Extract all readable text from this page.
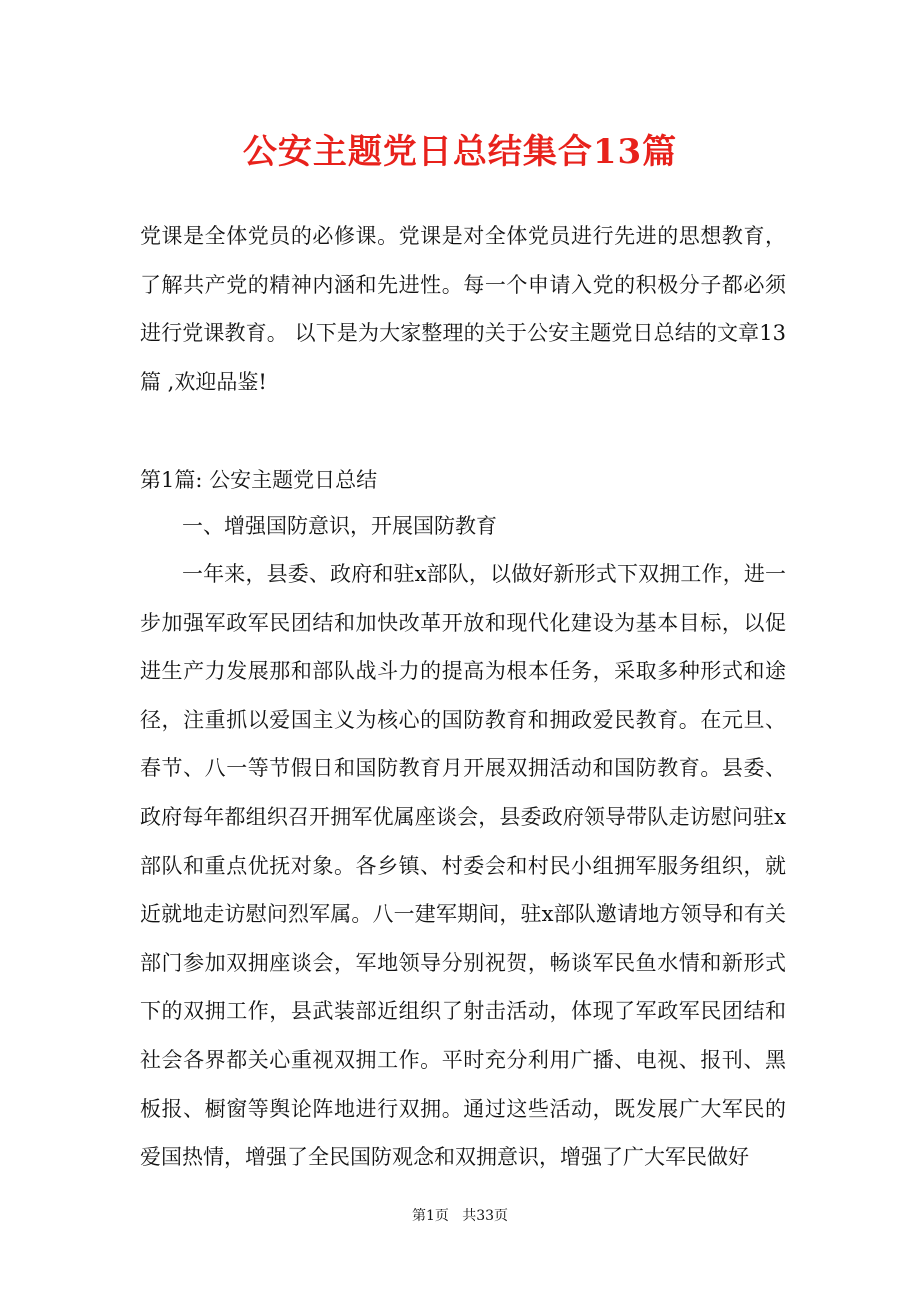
公安主题党日总结集合13篇

党课是全体党员的必修课。党课是对全体党员进行先进的思想教育，了解共产党的精神内涵和先进性。每一个申请入党的积极分子都必须进行党课教育。 以下是为大家整理的关于公安主题党日总结的文章13篇 ,欢迎品鉴!

第1篇: 公安主题党日总结
一、增强国防意识，开展国防教育

一年来，县委、政府和驻x部队，以做好新形式下双拥工作，进一步加强军政军民团结和加快改革开放和现代化建设为基本目标，以促进生产力发展那和部队战斗力的提高为根本任务，采取多种形式和途径，注重抓以爱国主义为核心的国防教育和拥政爱民教育。在元旦、春节、八一等节假日和国防教育月开展双拥活动和国防教育。县委、政府每年都组织召开拥军优属座谈会，县委政府领导带队走访慰问驻x部队和重点优抚对象。各乡镇、村委会和村民小组拥军服务组织，就近就地走访慰问烈军属。八一建军期间，驻x部队邀请地方领导和有关部门参加双拥座谈会，军地领导分别祝贺，畅谈军民鱼水情和新形式下的双拥工作，县武装部近组织了射击活动，体现了军政军民团结和社会各界都关心重视双拥工作。平时充分利用广播、电视、报刊、黑板报、橱窗等舆论阵地进行双拥。通过这些活动，既发展广大军民的爱国热情，增强了全民国防观念和双拥意识，增强了广大军民做好

第1页   共33页
